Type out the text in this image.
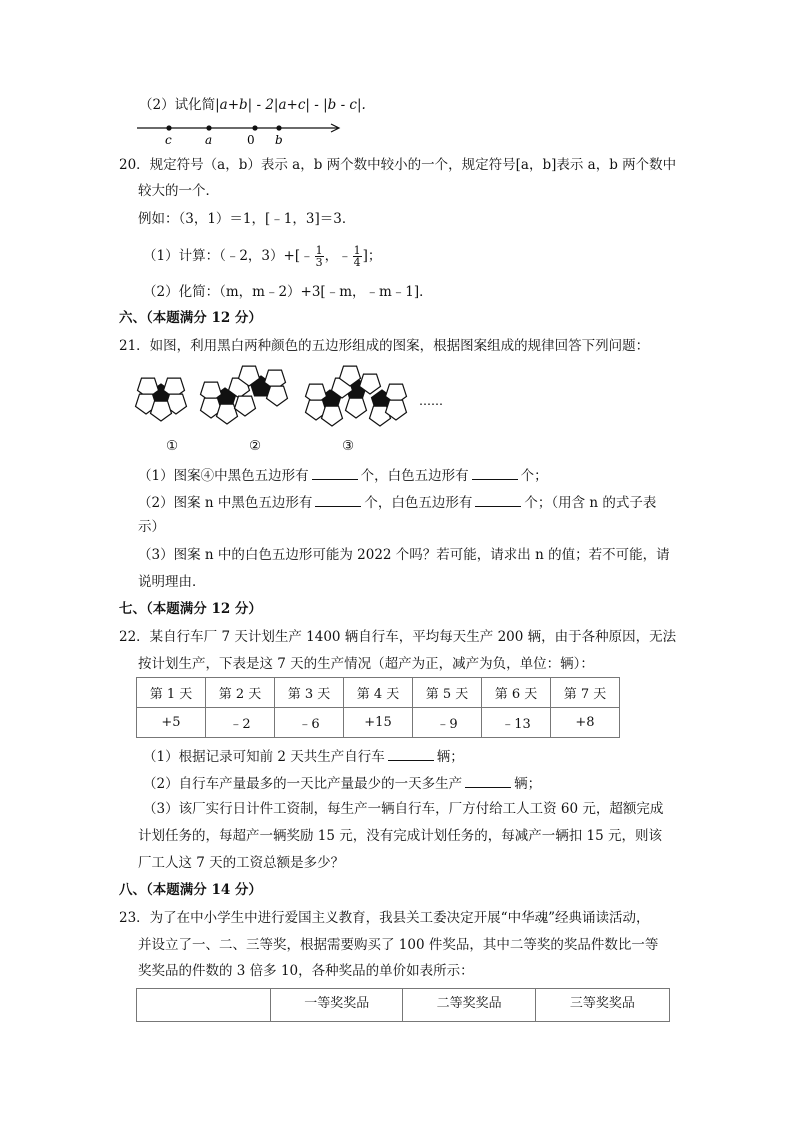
（2）试化简|a+b| - 2|a+c| - |b - c|.
c	a	0 b
20．规定符号（a，b）表示 a，b 两个数中较小的一个，规定符号[a，b]表示 a，b 两个数中
较大的一个．
例如：（3，1）＝1，[﹣1，3]＝3．
（1）计算：（﹣2，3）+[﹣ $\frac{1}{3}$ ，﹣ $\frac{1}{4}$ ]；
（2）化简：（m，m﹣2）+3[﹣m，﹣m﹣1]．
六、（本题满分 12 分）
21．如图，利用黑白两种颜色的五边形组成的图案，根据图案组成的规律回答下列问题：
……
①	②	③
（1）图案④中黑色五边形有	个，白色五边形有	个；
（2）图案 n 中黑色五边形有	个，白色五边形有	个；（用含 n 的式子表
示）
（3）图案 n 中的白色五边形可能为 2022 个吗？若可能，请求出 n 的值；若不可能，请
说明理由．
七、（本题满分 12 分）
22．某自行车厂 7 天计划生产 1400 辆自行车，平均每天生产 200 辆，由于各种原因，无法
按计划生产，下表是这 7 天的生产情况（超产为正，减产为负，单位：辆）：
第 1 天	第 2 天	第 3 天	第 4 天	第 5 天	第 6 天	第 7 天
+5	﹣2	﹣6	+15	﹣9	﹣13	+8
（1）根据记录可知前 2 天共生产自行车	辆；
（2）自行车产量最多的一天比产量最少的一天多生产	辆；
（3）该厂实行日计件工资制，每生产一辆自行车，厂方付给工人工资 60 元，超额完成
计划任务的，每超产一辆奖励 15 元，没有完成计划任务的，每减产一辆扣 15 元，则该
厂工人这 7 天的工资总额是多少？
八、（本题满分 14 分）
23．为了在中小学生中进行爱国主义教育，我县关工委决定开展“中华魂”经典诵读活动，
并设立了一、二、三等奖，根据需要购买了 100 件奖品，其中二等奖的奖品件数比一等
奖奖品的件数的 3 倍多 10，各种奖品的单价如表所示：
	一等奖奖品	二等奖奖品	三等奖奖品
